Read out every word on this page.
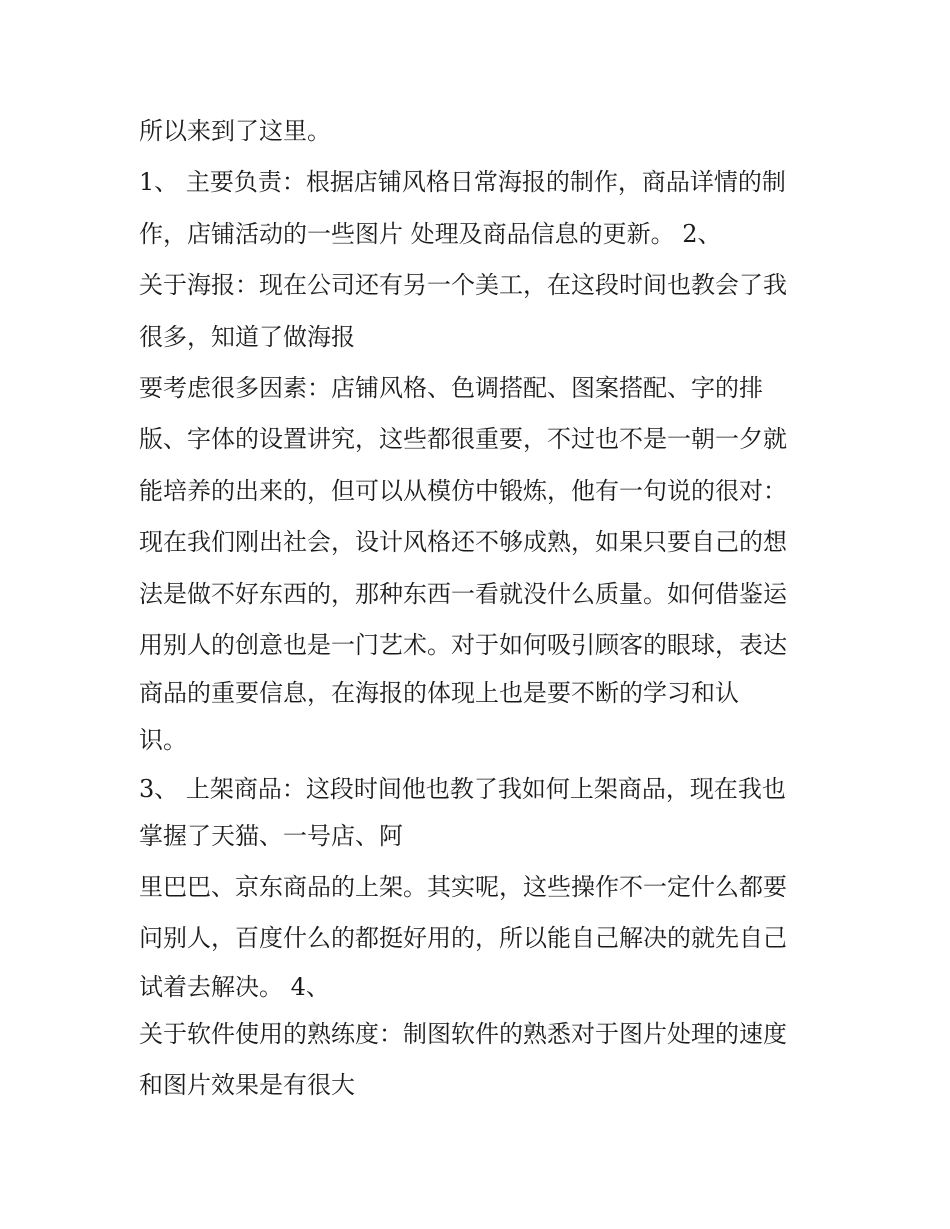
所以来到了这里。
1、 主要负责：根据店铺风格日常海报的制作，商品详情的制
作，店铺活动的一些图片 处理及商品信息的更新。 2、
关于海报：现在公司还有另一个美工，在这段时间也教会了我
很多，知道了做海报
要考虑很多因素：店铺风格、色调搭配、图案搭配、字的排
版、字体的设置讲究，这些都很重要，不过也不是一朝一夕就
能培养的出来的，但可以从模仿中锻炼，他有一句说的很对：
现在我们刚出社会，设计风格还不够成熟，如果只要自己的想
法是做不好东西的，那种东西一看就没什么质量。如何借鉴运
用别人的创意也是一门艺术。对于如何吸引顾客的眼球，表达
商品的重要信息，在海报的体现上也是要不断的学习和认
识。
3、 上架商品：这段时间他也教了我如何上架商品，现在我也
掌握了天猫、一号店、阿
里巴巴、京东商品的上架。其实呢，这些操作不一定什么都要
问别人，百度什么的都挺好用的，所以能自己解决的就先自己
试着去解决。 4、
关于软件使用的熟练度：制图软件的熟悉对于图片处理的速度
和图片效果是有很大
